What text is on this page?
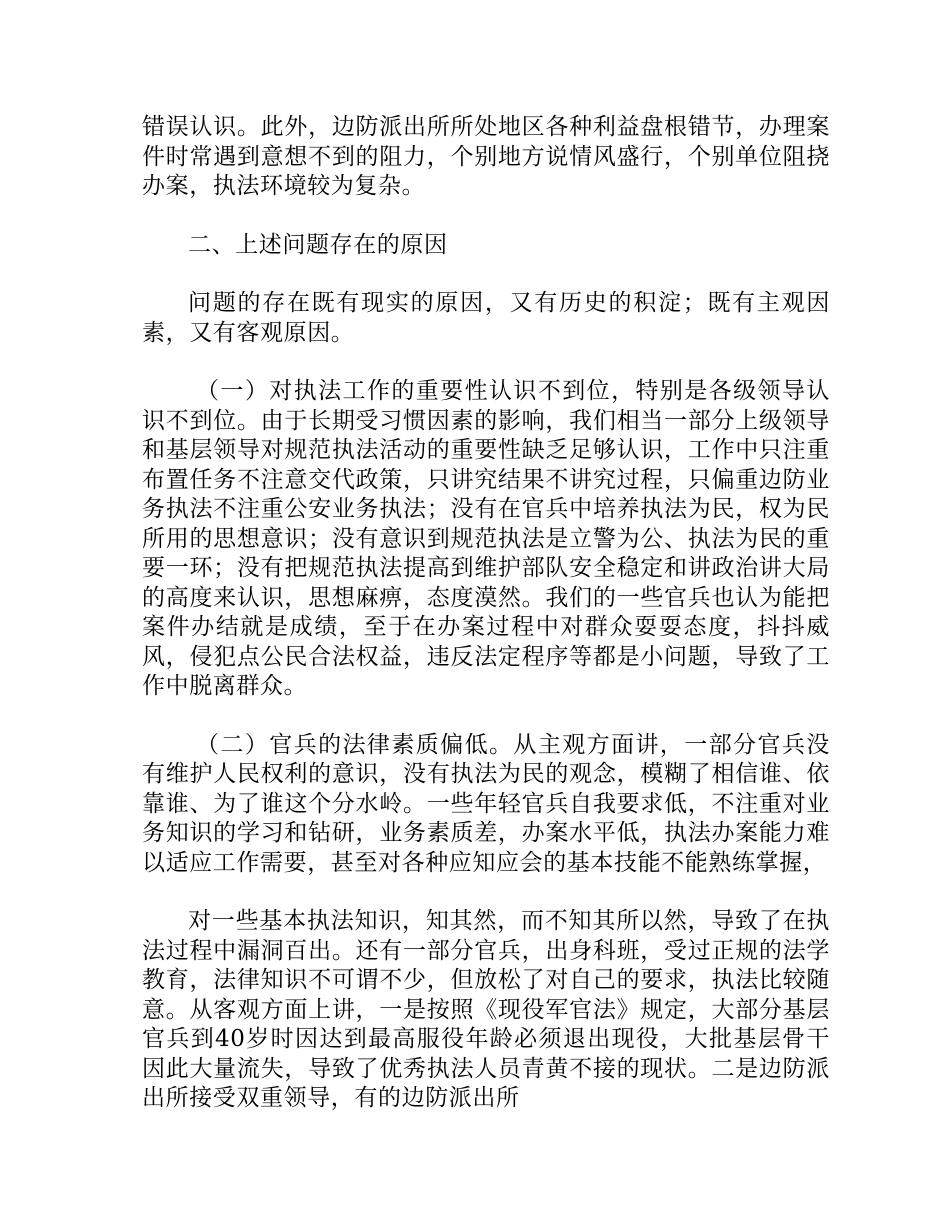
错误认识。此外，边防派出所所处地区各种利益盘根错节，办理案件时常遇到意想不到的阻力，个别地方说情风盛行，个别单位阻挠办案，执法环境较为复杂。

二、上述问题存在的原因

问题的存在既有现实的原因，又有历史的积淀；既有主观因素，又有客观原因。

（一）对执法工作的重要性认识不到位，特别是各级领导认识不到位。由于长期受习惯因素的影响，我们相当一部分上级领导和基层领导对规范执法活动的重要性缺乏足够认识，工作中只注重布置任务不注意交代政策，只讲究结果不讲究过程，只偏重边防业务执法不注重公安业务执法；没有在官兵中培养执法为民，权为民所用的思想意识；没有意识到规范执法是立警为公、执法为民的重要一环；没有把规范执法提高到维护部队安全稳定和讲政治讲大局的高度来认识，思想麻痹，态度漠然。我们的一些官兵也认为能把案件办结就是成绩，至于在办案过程中对群众耍耍态度，抖抖威风，侵犯点公民合法权益，违反法定程序等都是小问题，导致了工作中脱离群众。

（二）官兵的法律素质偏低。从主观方面讲，一部分官兵没有维护人民权利的意识，没有执法为民的观念，模糊了相信谁、依靠谁、为了谁这个分水岭。一些年轻官兵自我要求低，不注重对业务知识的学习和钻研，业务素质差，办案水平低，执法办案能力难以适应工作需要，甚至对各种应知应会的基本技能不能熟练掌握，

对一些基本执法知识，知其然，而不知其所以然，导致了在执法过程中漏洞百出。还有一部分官兵，出身科班，受过正规的法学教育，法律知识不可谓不少，但放松了对自己的要求，执法比较随意。从客观方面上讲，一是按照《现役军官法》规定，大部分基层官兵到40岁时因达到最高服役年龄必须退出现役，大批基层骨干因此大量流失，导致了优秀执法人员青黄不接的现状。二是边防派出所接受双重领导，有的边防派出所
